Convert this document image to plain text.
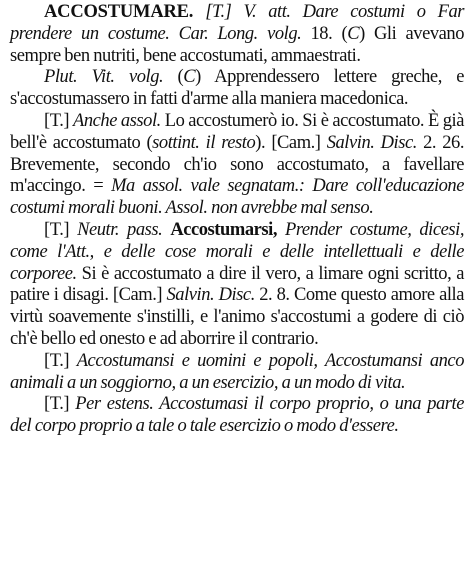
ACCOSTUMARE. [T.] V. att. Dare costumi o Far prendere un costume. Car. Long. volg. 18. (C) Gli avevano sempre ben nutriti, bene accostumati, ammaestrati.

Plut. Vit. volg. (C) Apprendessero lettere greche, e s'accostumassero in fatti d'arme alla maniera macedonica.

[T.] Anche assol. Lo accostumerò io. Si è accostumato. È già bell'è accostumato (sottint. il resto). [Cam.] Salvin. Disc. 2. 26. Brevemente, secondo ch'io sono accostumato, a favellare m'accingo. = Ma assol. vale segnatam.: Dare coll'educazione costumi morali buoni. Assol. non avrebbe mal senso.

[T.] Neutr. pass. Accostumarsi, Prender costume, dicesi, come l'Att., e delle cose morali e delle intellettuali e delle corporee. Si è accostumato a dire il vero, a limare ogni scritto, a patire i disagi. [Cam.] Salvin. Disc. 2. 8. Come questo amore alla virtù soavemente s'instilli, e l'animo s'accostumi a godere di ciò ch'è bello ed onesto e ad aborrire il contrario.

[T.] Accostumansi e uomini e popoli, Accostumansi anco animali a un soggiorno, a un esercizio, a un modo di vita.

[T.] Per estens. Accostumasi il corpo proprio, o una parte del corpo proprio a tale o tale esercizio o modo d'essere.
